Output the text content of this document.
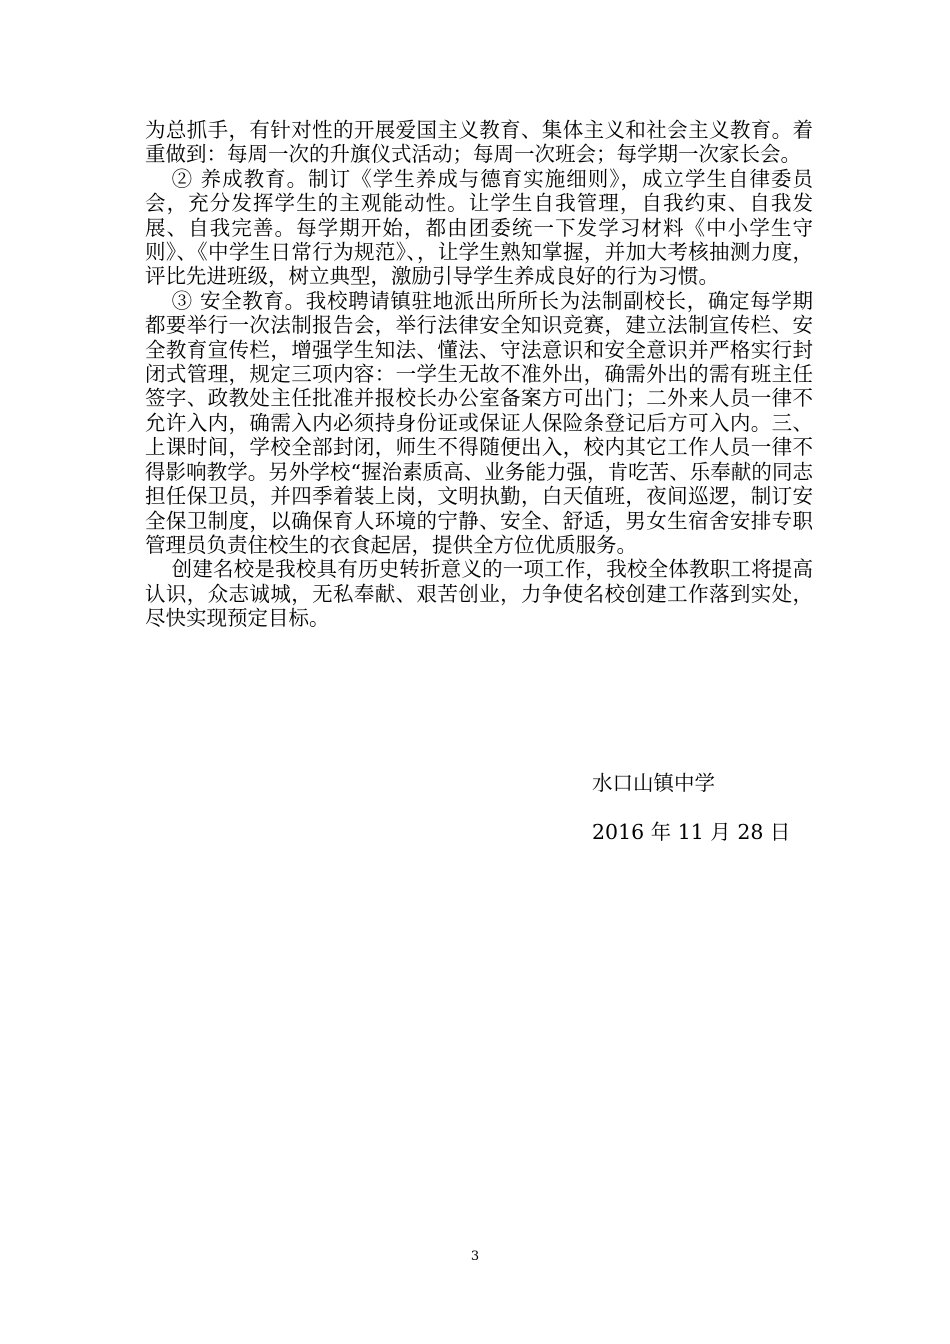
为总抓手，有针对性的开展爱国主义教育、集体主义和社会主义教育。着重做到：每周一次的升旗仪式活动；每周一次班会；每学期一次家长会。

② 养成教育。制订《学生养成与德育实施细则》，成立学生自律委员会，充分发挥学生的主观能动性。让学生自我管理，自我约束、自我发展、自我完善。每学期开始，都由团委统一下发学习材料《中小学生守则》、《中学生日常行为规范》、，让学生熟知掌握，并加大考核抽测力度，评比先进班级，树立典型，激励引导学生养成良好的行为习惯。

③ 安全教育。我校聘请镇驻地派出所所长为法制副校长，确定每学期都要举行一次法制报告会，举行法律安全知识竞赛，建立法制宣传栏、安全教育宣传栏，增强学生知法、懂法、守法意识和安全意识并严格实行封闭式管理，规定三项内容：一学生无故不准外出，确需外出的需有班主任签字、政教处主任批准并报校长办公室备案方可出门；二外来人员一律不允许入内，确需入内必须持身份证或保证人保险条登记后方可入内。三、上课时间，学校全部封闭，师生不得随便出入，校内其它工作人员一律不得影响教学。另外学校“握治素质高、业务能力强，肯吃苦、乐奉献的同志担任保卫员，并四季着装上岗，文明执勤，白天值班，夜间巡逻，制订安全保卫制度，以确保育人环境的宁静、安全、舒适，男女生宿舍安排专职管理员负责住校生的衣食起居，提供全方位优质服务。

创建名校是我校具有历史转折意义的一项工作，我校全体教职工将提高认识，众志诚城，无私奉献、艰苦创业，力争使名校创建工作落到实处，尽快实现预定目标。

水口山镇中学
2016 年 11 月 28 日
3
